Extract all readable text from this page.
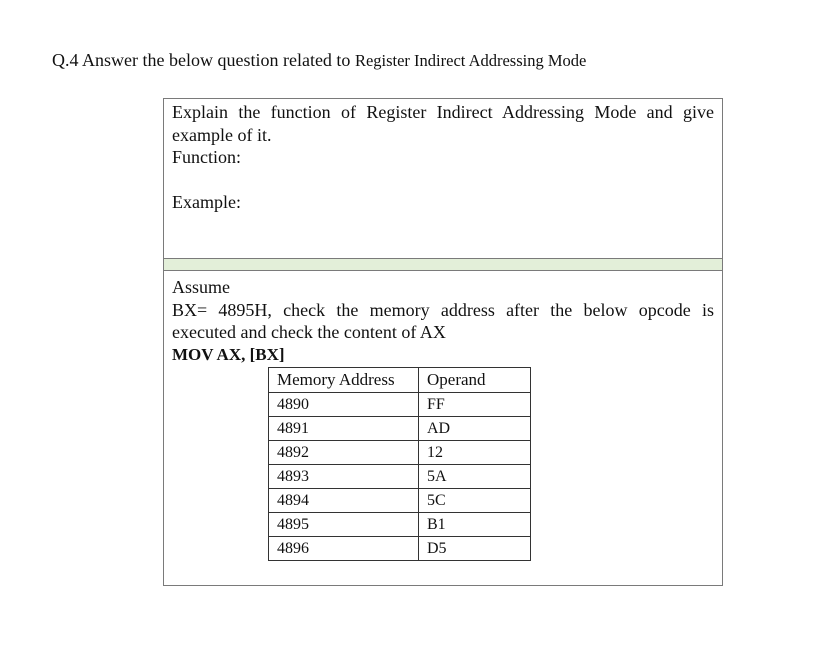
Q.4 Answer the below question related to Register Indirect Addressing Mode
Explain the function of Register Indirect Addressing Mode and give example of it.
Function:
Example:
Assume
BX= 4895H, check the memory address after the below opcode is executed and check the content of AX
MOV AX, [BX]
Memory Address	Operand
4890	FF
4891	AD
4892	12
4893	5A
4894	5C
4895	B1
4896	D5
